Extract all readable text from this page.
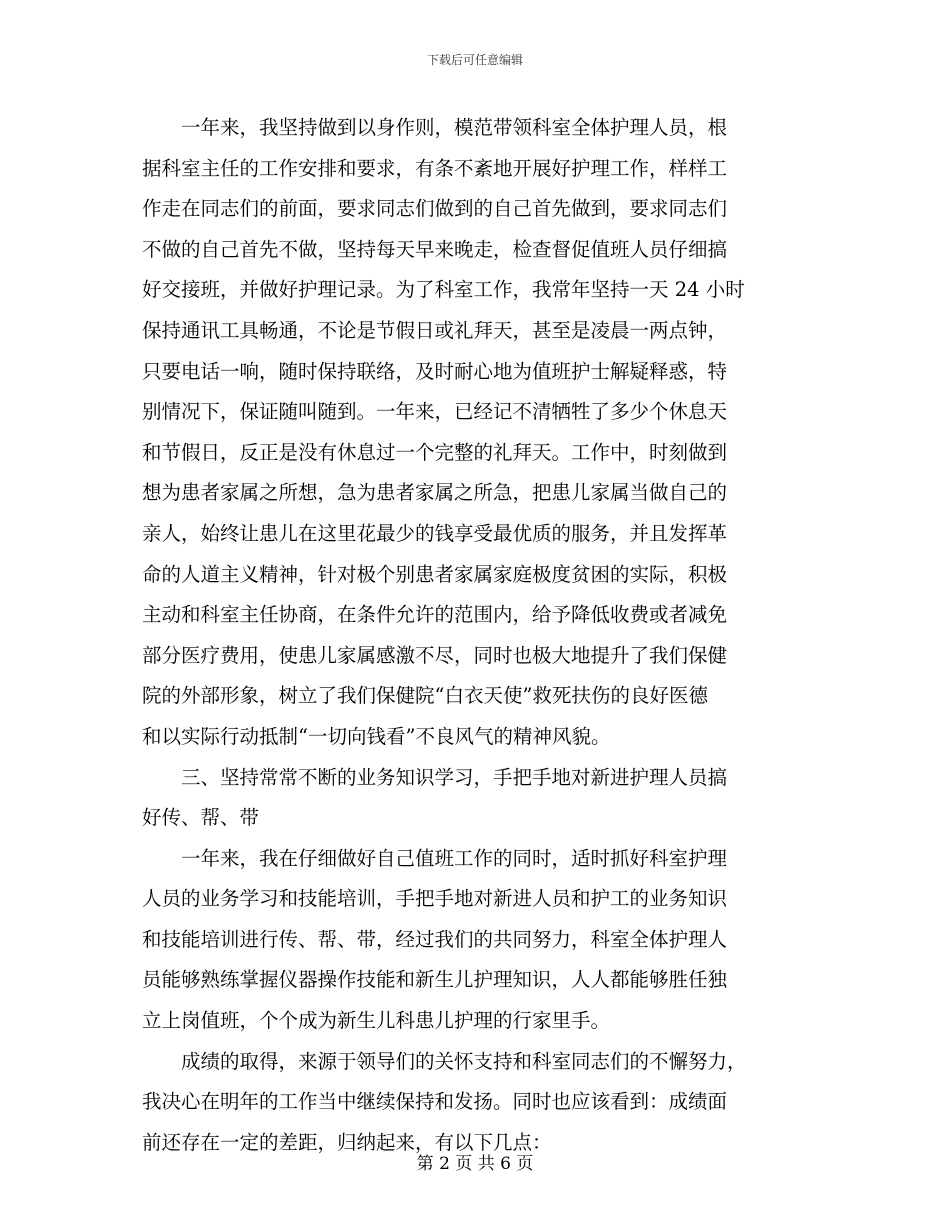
下载后可任意编辑
　　一年来，我坚持做到以身作则，模范带领科室全体护理人员，根
据科室主任的工作安排和要求，有条不紊地开展好护理工作，样样工
作走在同志们的前面，要求同志们做到的自己首先做到，要求同志们
不做的自己首先不做，坚持每天早来晚走，检查督促值班人员仔细搞
好交接班，并做好护理记录。为了科室工作，我常年坚持一天 24 小时
保持通讯工具畅通，不论是节假日或礼拜天，甚至是凌晨一两点钟，
只要电话一响，随时保持联络，及时耐心地为值班护士解疑释惑，特
别情况下，保证随叫随到。一年来，已经记不清牺牲了多少个休息天
和节假日，反正是没有休息过一个完整的礼拜天。工作中，时刻做到
想为患者家属之所想，急为患者家属之所急，把患儿家属当做自己的
亲人，始终让患儿在这里花最少的钱享受最优质的服务，并且发挥革
命的人道主义精神，针对极个别患者家属家庭极度贫困的实际，积极
主动和科室主任协商，在条件允许的范围内，给予降低收费或者减免
部分医疗费用，使患儿家属感激不尽，同时也极大地提升了我们保健
院的外部形象，树立了我们保健院“白衣天使”救死扶伤的良好医德
和以实际行动抵制“一切向钱看”不良风气的精神风貌。
　　三、坚持常常不断的业务知识学习，手把手地对新进护理人员搞
好传、帮、带
　　一年来，我在仔细做好自己值班工作的同时，适时抓好科室护理
人员的业务学习和技能培训，手把手地对新进人员和护工的业务知识
和技能培训进行传、帮、带，经过我们的共同努力，科室全体护理人
员能够熟练掌握仪器操作技能和新生儿护理知识，人人都能够胜任独
立上岗值班，个个成为新生儿科患儿护理的行家里手。
　　成绩的取得，来源于领导们的关怀支持和科室同志们的不懈努力，
我决心在明年的工作当中继续保持和发扬。同时也应该看到：成绩面
前还存在一定的差距，归纳起来，有以下几点：
第 2 页 共 6 页
